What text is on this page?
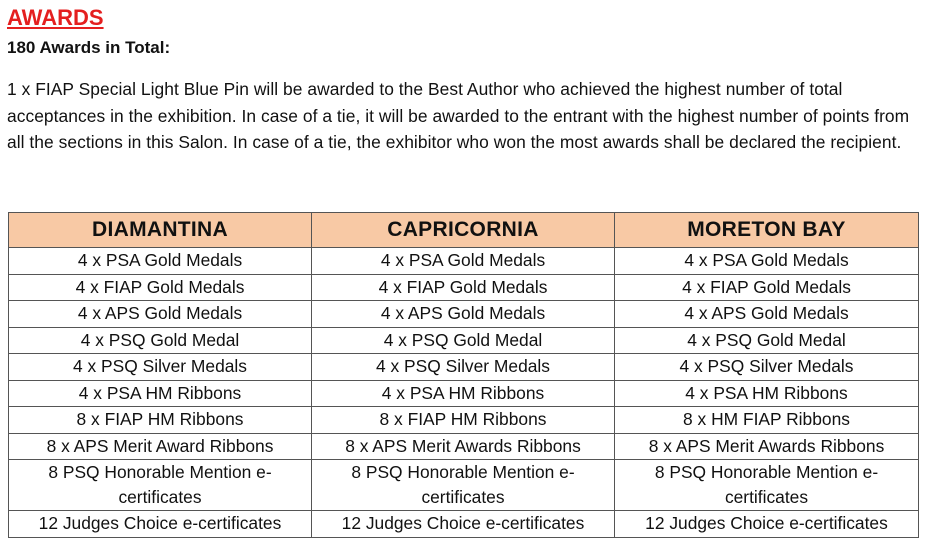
AWARDS
180 Awards in Total:

1 x FIAP Special Light Blue Pin will be awarded to the Best Author who achieved the highest number of total acceptances in the exhibition. In case of a tie, it will be awarded to the entrant with the highest number of points from all the sections in this Salon. In case of a tie, the exhibitor who won the most awards shall be declared the recipient.

DIAMANTINA	CAPRICORNIA	MORETON BAY
4 x PSA Gold Medals	4 x PSA Gold Medals	4 x PSA Gold Medals
4 x FIAP Gold Medals	4 x FIAP Gold Medals	4 x FIAP Gold Medals
4 x APS Gold Medals	4 x APS Gold Medals	4 x APS Gold Medals
4 x PSQ Gold Medal	4 x PSQ Gold Medal	4 x PSQ Gold Medal
4 x PSQ Silver Medals	4 x PSQ Silver Medals	4 x PSQ Silver Medals
4 x PSA HM Ribbons	4 x PSA HM Ribbons	4 x PSA HM Ribbons
8 x FIAP HM Ribbons	8 x FIAP HM Ribbons	8 x HM FIAP Ribbons
8 x APS Merit Award Ribbons	8 x APS Merit Awards Ribbons	8 x APS Merit Awards Ribbons
8 PSQ Honorable Mention e-certificates	8 PSQ Honorable Mention e-certificates	8 PSQ Honorable Mention e-certificates
12 Judges Choice e-certificates	12 Judges Choice e-certificates	12 Judges Choice e-certificates
